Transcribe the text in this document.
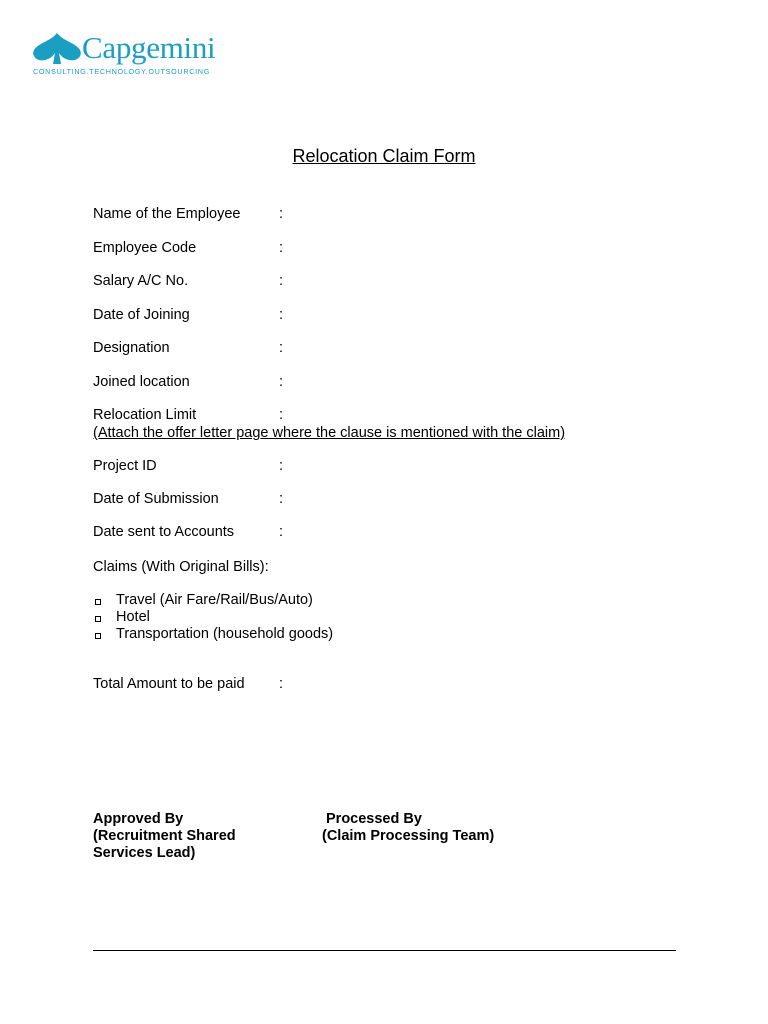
Capgemini
CONSULTING.TECHNOLOGY.OUTSOURCING
Relocation Claim Form
Name of the Employee	:
Employee Code	:
Salary A/C No.	:
Date of Joining	:
Designation	:
Joined location	:
Relocation Limit	:
(Attach the offer letter page where the clause is mentioned with the claim)
Project ID	:
Date of Submission	:
Date sent to Accounts	:
Claims (With Original Bills):
Travel (Air Fare/Rail/Bus/Auto)
Hotel
Transportation (household goods)
Total Amount to be paid :
Approved By
(Recruitment Shared
Services Lead)
Processed By
(Claim Processing Team)
